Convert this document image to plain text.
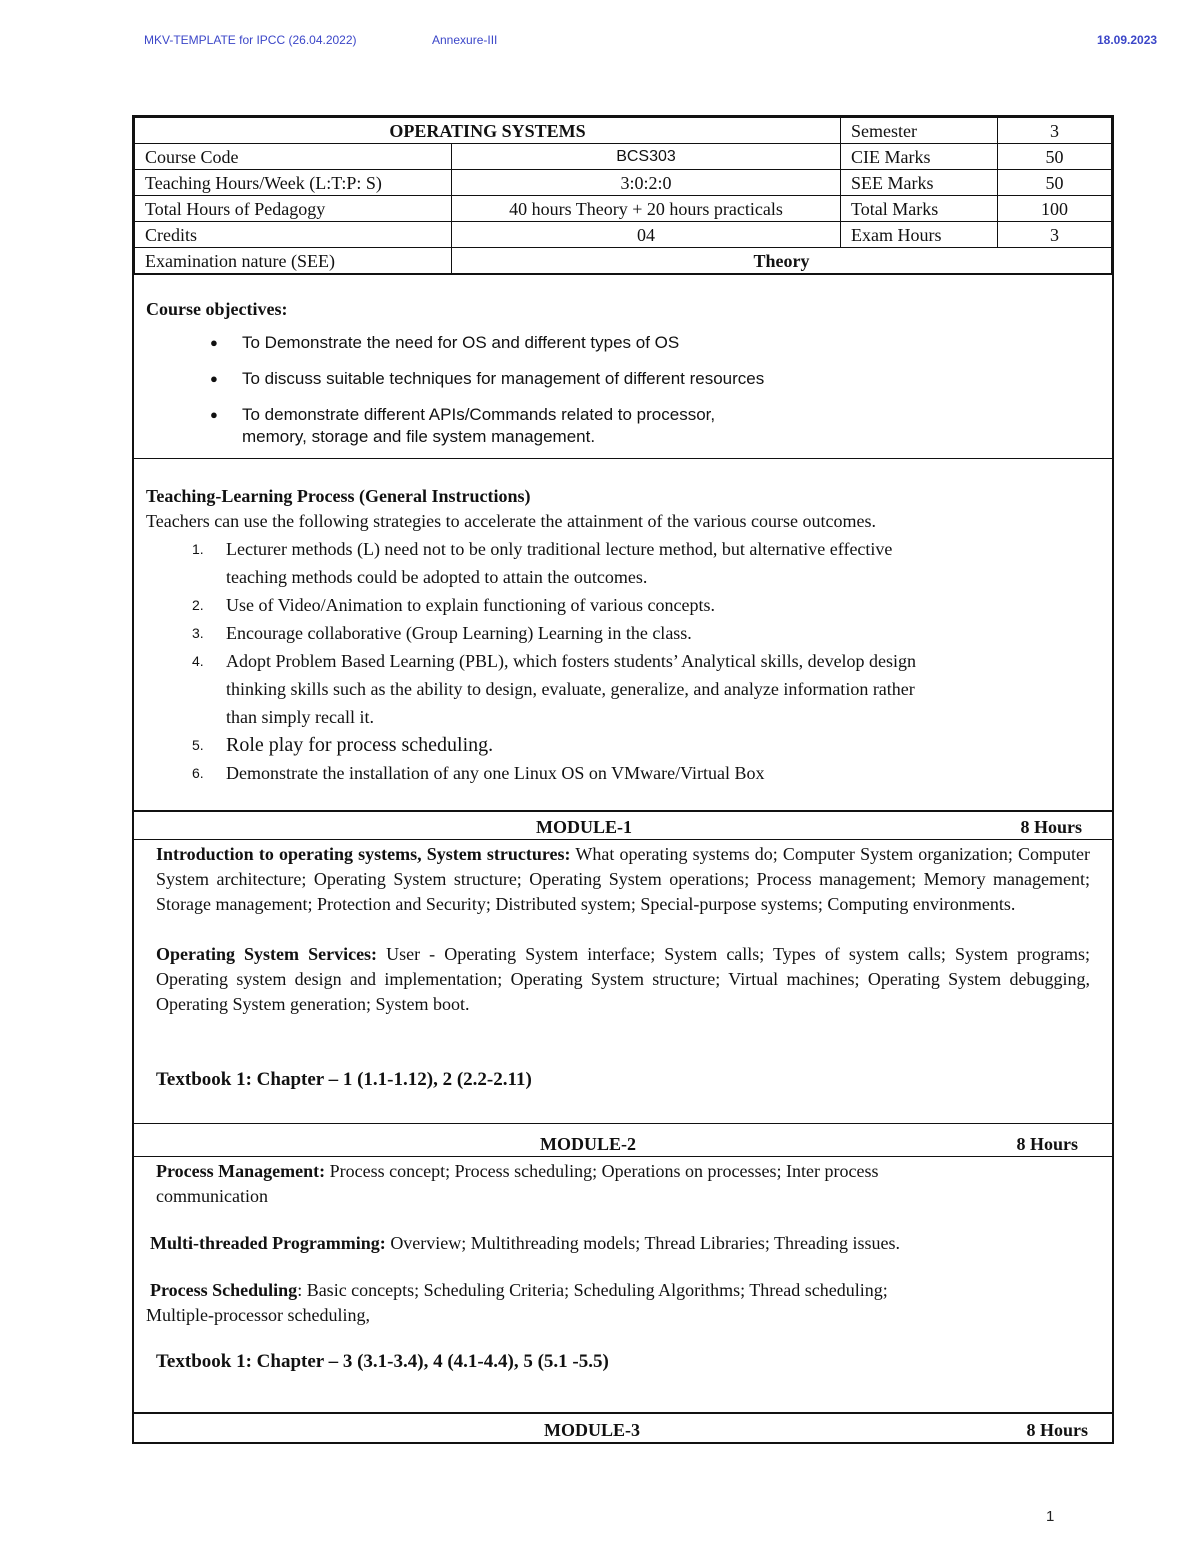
MKV-TEMPLATE for IPCC (26.04.2022)	Annexure-III	18.09.2023
OPERATING SYSTEMS		Semester	3
Course Code	BCS303	CIE Marks	50
Teaching Hours/Week (L:T:P: S)	3:0:2:0	SEE Marks	50
Total Hours of Pedagogy	40 hours Theory + 20 hours practicals	Total Marks	100
Credits	04	Exam Hours	3
Examination nature (SEE)	Theory		
Course objectives:
● To Demonstrate the need for OS and different types of OS
● To discuss suitable techniques for management of different resources
● To demonstrate different APIs/Commands related to processor,
memory, storage and file system management.
Teaching-Learning Process (General Instructions)

Teachers can use the following strategies to accelerate the attainment of the various course outcomes.

1. Lecturer methods (L) need not to be only traditional lecture method, but alternative effective
teaching methods could be adopted to attain the outcomes.
2. Use of Video/Animation to explain functioning of various concepts.
3. Encourage collaborative (Group Learning) Learning in the class.
4. Adopt Problem Based Learning (PBL), which fosters students’ Analytical skills, develop design
thinking skills such as the ability to design, evaluate, generalize, and analyze information rather
than simply recall it.
5. Role play for process scheduling.
6. Demonstrate the installation of any one Linux OS on VMware/Virtual Box
MODULE-1	8 Hours

Introduction to operating systems, System structures: What operating systems do; Computer System organization; Computer System architecture; Operating System structure; Operating System operations; Process management; Memory management; Storage management; Protection and Security; Distributed system; Special-purpose systems; Computing environments.

Operating System Services: User - Operating System interface; System calls; Types of system calls; System programs; Operating system design and implementation; Operating System structure; Virtual machines; Operating System debugging, Operating System generation; System boot.

Textbook 1: Chapter – 1 (1.1-1.12), 2 (2.2-2.11)

MODULE-2	8 Hours

Process Management: Process concept; Process scheduling; Operations on processes; Inter process
communication

Multi-threaded Programming: Overview; Multithreading models; Thread Libraries; Threading issues.

Process Scheduling: Basic concepts; Scheduling Criteria; Scheduling Algorithms; Thread scheduling;
Multiple-processor scheduling,

Textbook 1: Chapter – 3 (3.1-3.4), 4 (4.1-4.4), 5 (5.1 -5.5)

MODULE-3	8 Hours
1
